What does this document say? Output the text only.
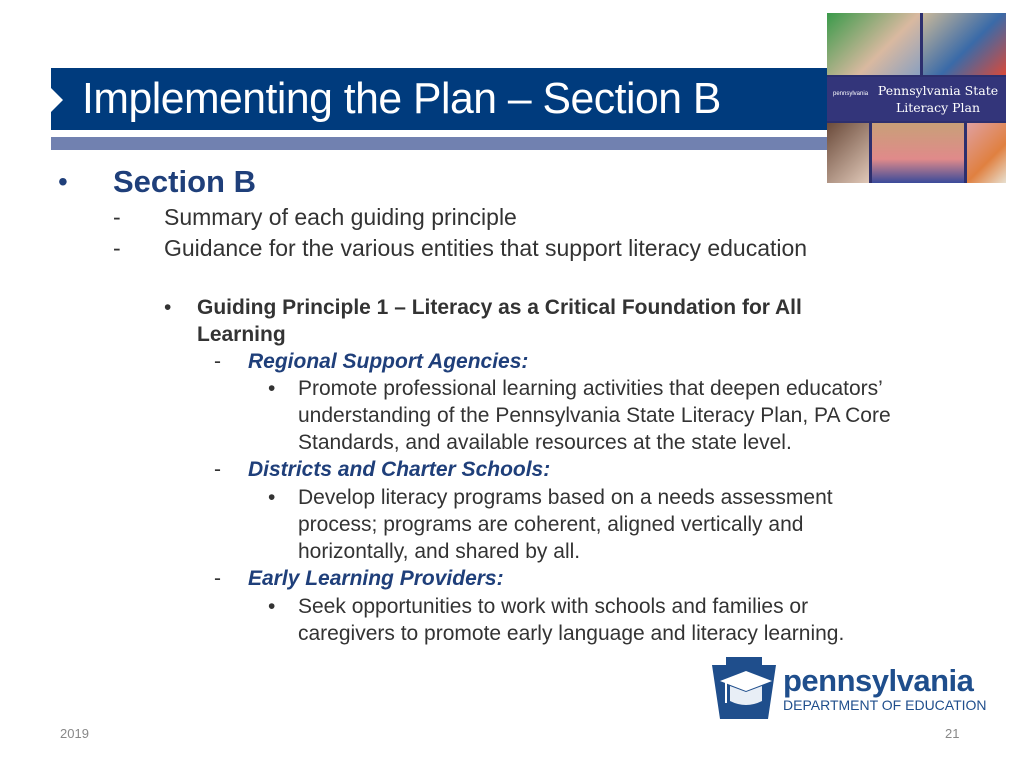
Implementing the Plan – Section B	pennsylvania Pennsylvania State
Literacy Plan
• Section B
- Summary of each guiding principle
- Guidance for the various entities that support literacy education
• Guiding Principle 1 – Literacy as a Critical Foundation for All
Learning
- Regional Support Agencies:
• Promote professional learning activities that deepen educators’
understanding of the Pennsylvania State Literacy Plan, PA Core
Standards, and available resources at the state level.
- Districts and Charter Schools:
• Develop literacy programs based on a needs assessment
process; programs are coherent, aligned vertically and
horizontally, and shared by all.
- Early Learning Providers:
• Seek opportunities to work with schools and families or
caregivers to promote early language and literacy learning.
pennsylvania
DEPARTMENT OF EDUCATION
2019	21
